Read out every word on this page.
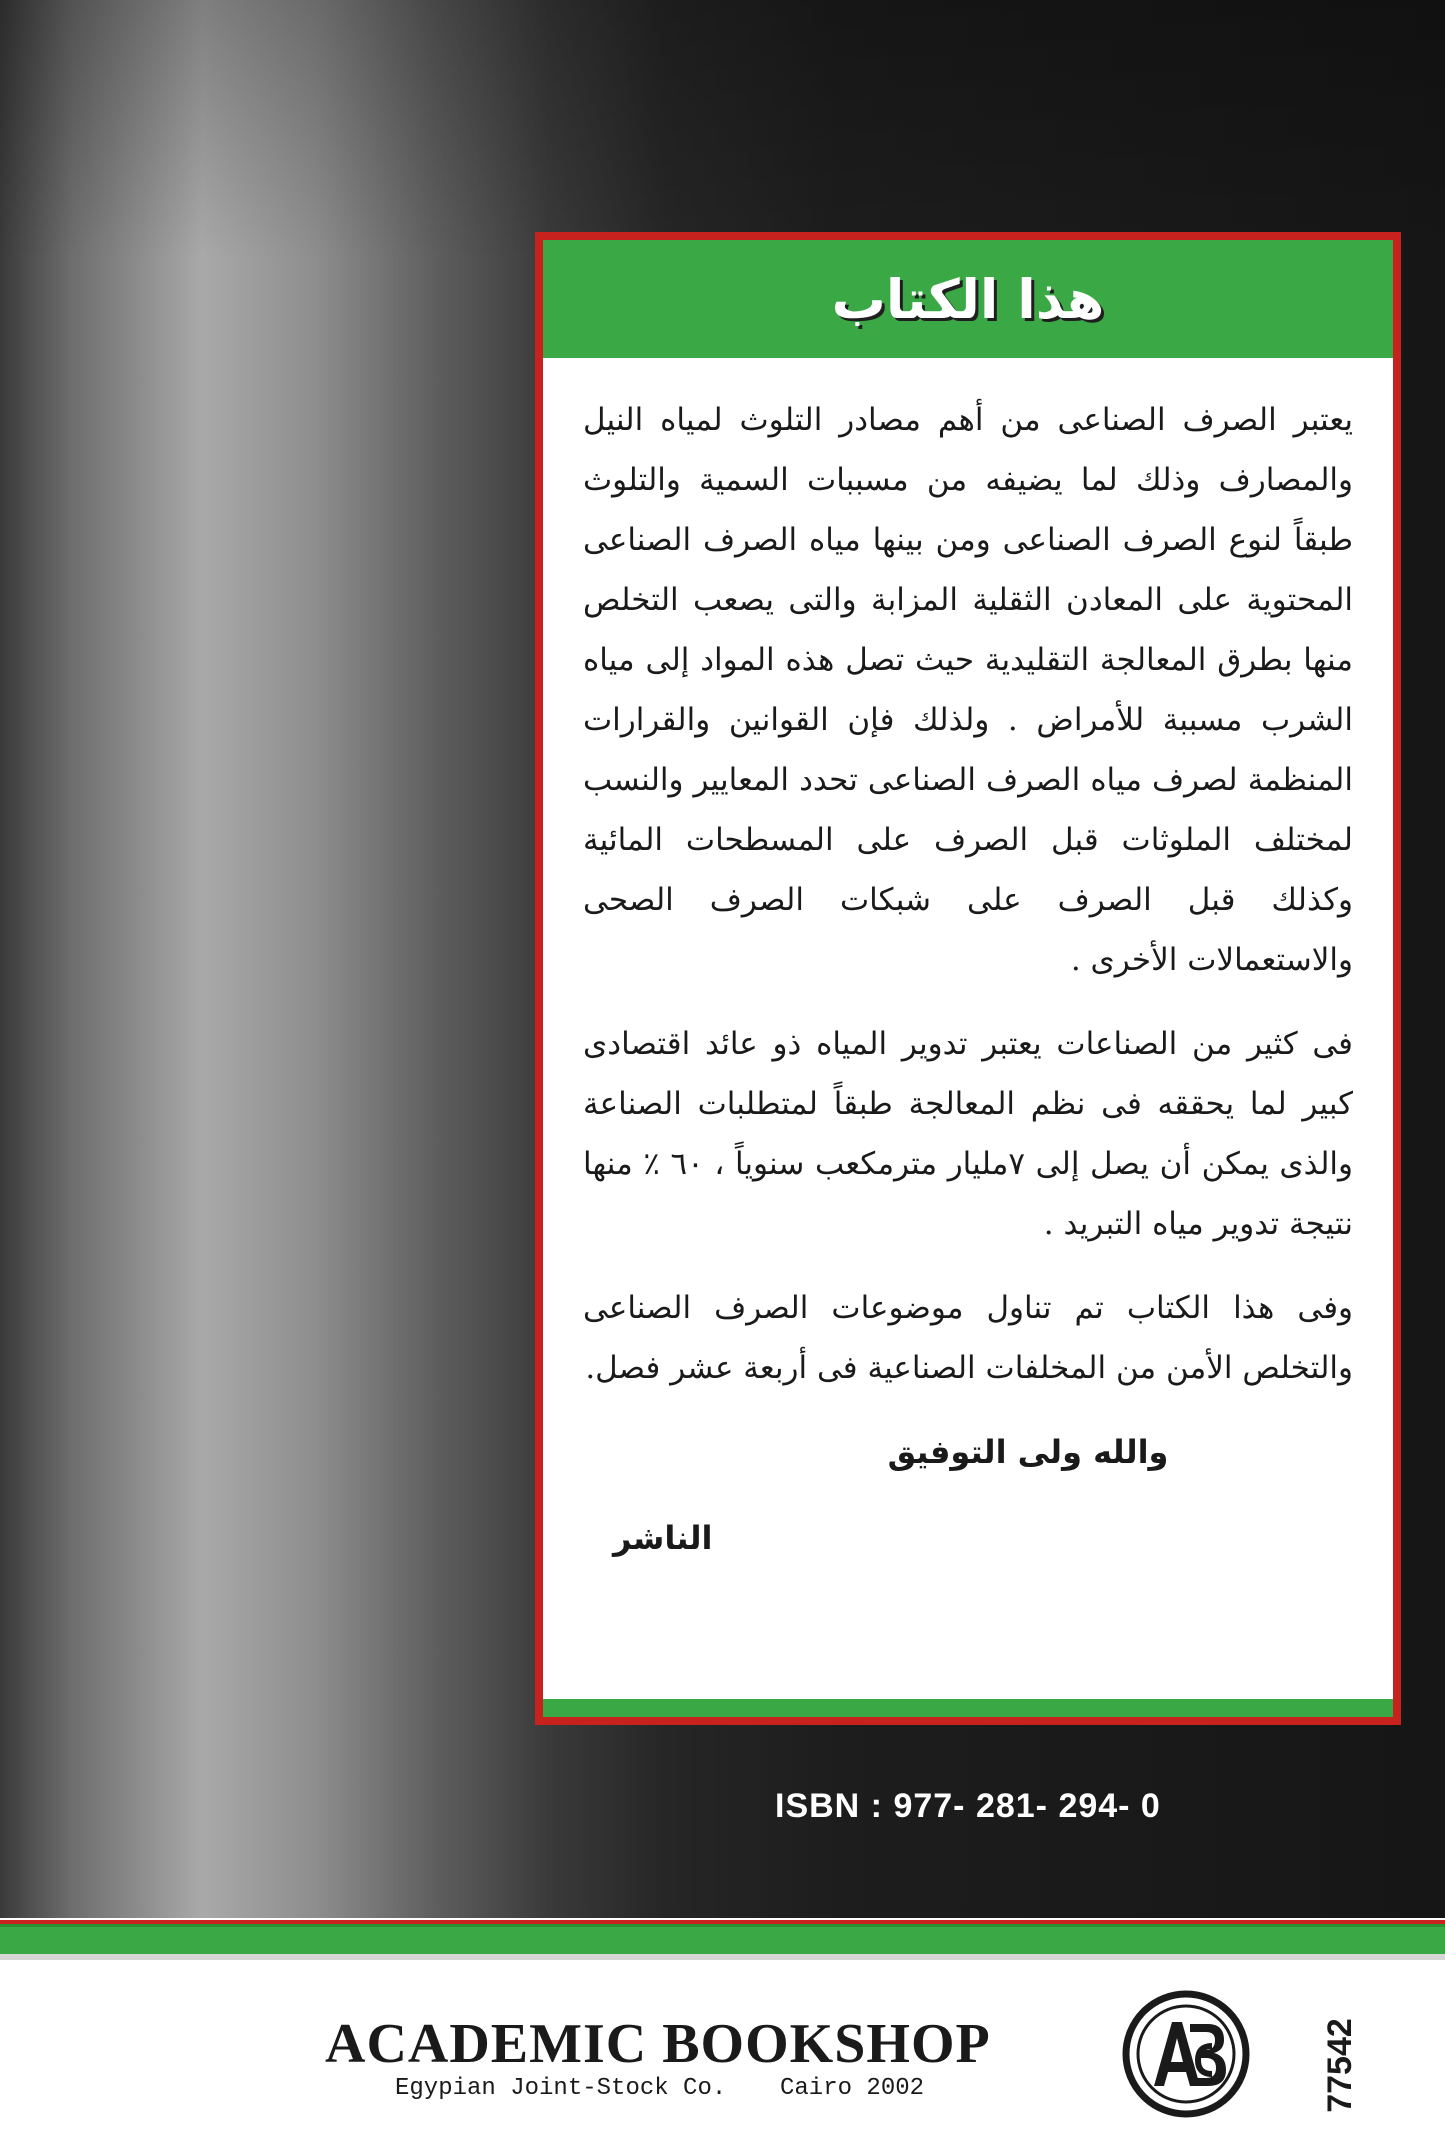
هذا الكتاب

يعتبر الصرف الصناعى من أهم مصادر التلوث لمياه النيل والمصارف وذلك لما يضيفه من مسببات السمية والتلوث طبقاً لنوع الصرف الصناعى ومن بينها مياه الصرف الصناعى المحتوية على المعادن الثقلية المزابة والتى يصعب التخلص منها بطرق المعالجة التقليدية حيث تصل هذه المواد إلى مياه الشرب مسببة للأمراض . ولذلك فإن القوانين والقرارات المنظمة لصرف مياه الصرف الصناعى تحدد المعايير والنسب لمختلف الملوثات قبل الصرف على المسطحات المائية وكذلك قبل الصرف على شبكات الصرف الصحى والاستعمالات الأخرى .

فى كثير من الصناعات يعتبر تدوير المياه ذو عائد اقتصادى كبير لما يحققه فى نظم المعالجة طبقاً لمتطلبات الصناعة والذى يمكن أن يصل إلى ٧مليار مترمكعب سنوياً ، ٦٠ ٪ منها نتيجة تدوير مياه التبريد .

وفى هذا الكتاب تم تناول موضوعات الصرف الصناعى والتخلص الأمن من المخلفات الصناعية فى أربعة عشر فصل.

والله ولى التوفيق
الناشر
ISBN : 977- 281- 294- 0
ACADEMIC BOOKSHOP
Egypian Joint-Stock Co. Cairo 2002	77542
